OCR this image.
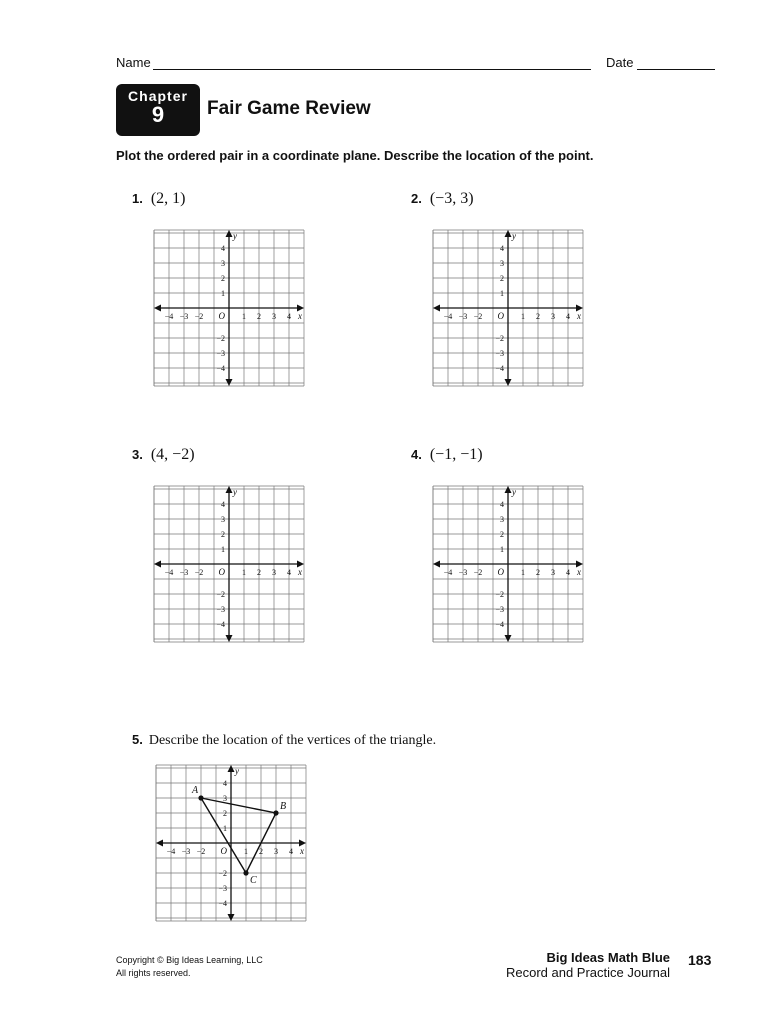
Name	Date
Chapter
9	Fair Game Review
Plot the ordered pair in a coordinate plane. Describe the location of the point.
1. (2, 1)	2. (−3, 3)
3. (4, −2)	4. (−1, −1)
−4 −3 −2	1 2 3 4
4
3
2
1
−2
−3
−4
O	x
y
−4 −3 −2	1 2 3 4
4
3
2
1
−2
−3
−4
O	x
y
−4 −3 −2	1 2 3 4
4
3
2
1
−2
−3
−4
O	x
y
−4 −3 −2	1 2 3 4
4
3
2
1
−2
−3
−4
O	x
y
5. Describe the location of the vertices of the triangle.
−4 −3 −2	1 2 3 4
4
3
2
1
−2
−3
−4
O	x
y
A
B
C
Copyright © Big Ideas Learning, LLC
All rights reserved.
Big Ideas Math Blue
Record and Practice Journal
183
